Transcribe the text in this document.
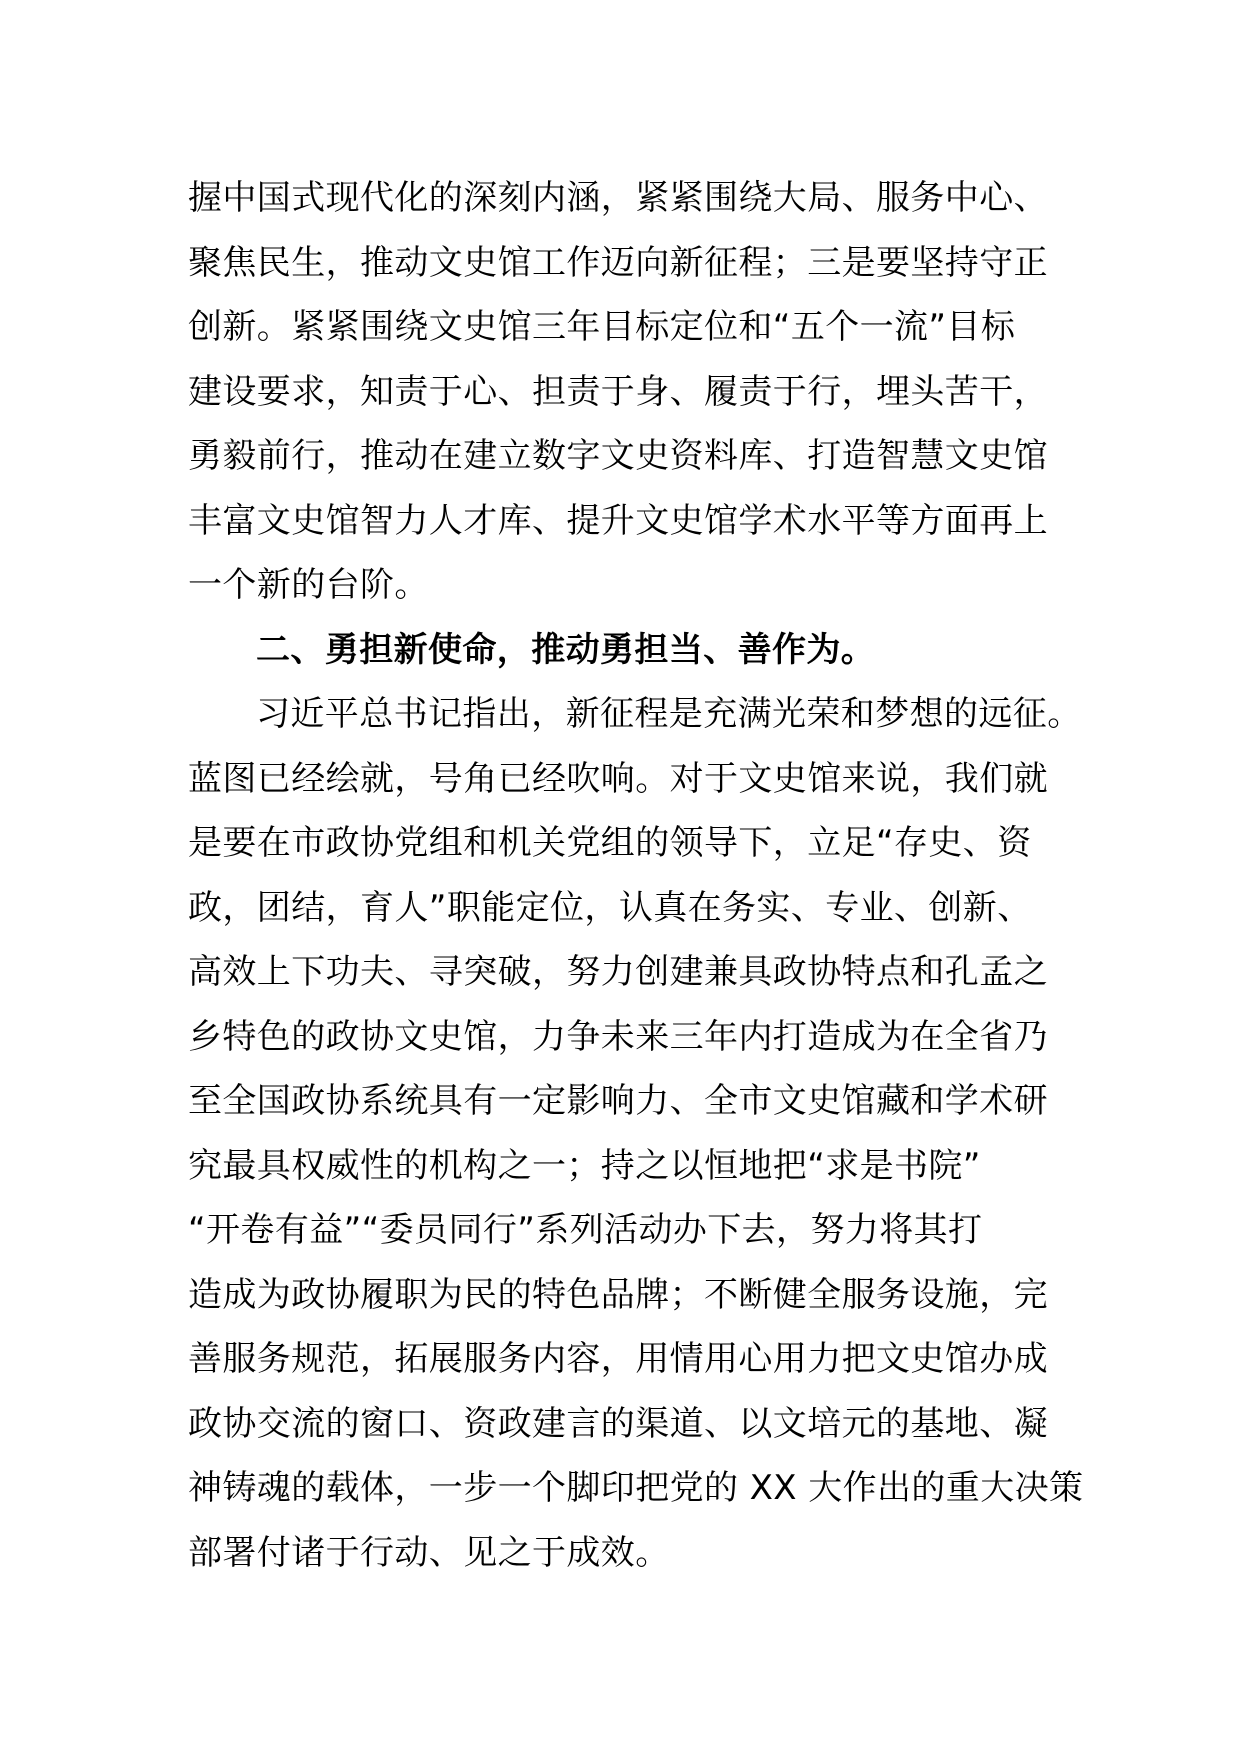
握中国式现代化的深刻内涵，紧紧围绕大局、服务中心、
聚焦民生，推动文史馆工作迈向新征程；三是要坚持守正
创新。紧紧围绕文史馆三年目标定位和“五个一流”目标
建设要求，知责于心、担责于身、履责于行，埋头苦干，
勇毅前行，推动在建立数字文史资料库、打造智慧文史馆
丰富文史馆智力人才库、提升文史馆学术水平等方面再上
一个新的台阶。
二、勇担新使命，推动勇担当、善作为。
习近平总书记指出，新征程是充满光荣和梦想的远征。
蓝图已经绘就，号角已经吹响。对于文史馆来说，我们就
是要在市政协党组和机关党组的领导下，立足“存史、资
政，团结，育人”职能定位，认真在务实、专业、创新、
高效上下功夫、寻突破，努力创建兼具政协特点和孔孟之
乡特色的政协文史馆，力争未来三年内打造成为在全省乃
至全国政协系统具有一定影响力、全市文史馆藏和学术研
究最具权威性的机构之一；持之以恒地把“求是书院”
“开卷有益”“委员同行”系列活动办下去，努力将其打
造成为政协履职为民的特色品牌；不断健全服务设施，完
善服务规范，拓展服务内容，用情用心用力把文史馆办成
政协交流的窗口、资政建言的渠道、以文培元的基地、凝
神铸魂的载体，一步一个脚印把党的 XX 大作出的重大决策
部署付诸于行动、见之于成效。
